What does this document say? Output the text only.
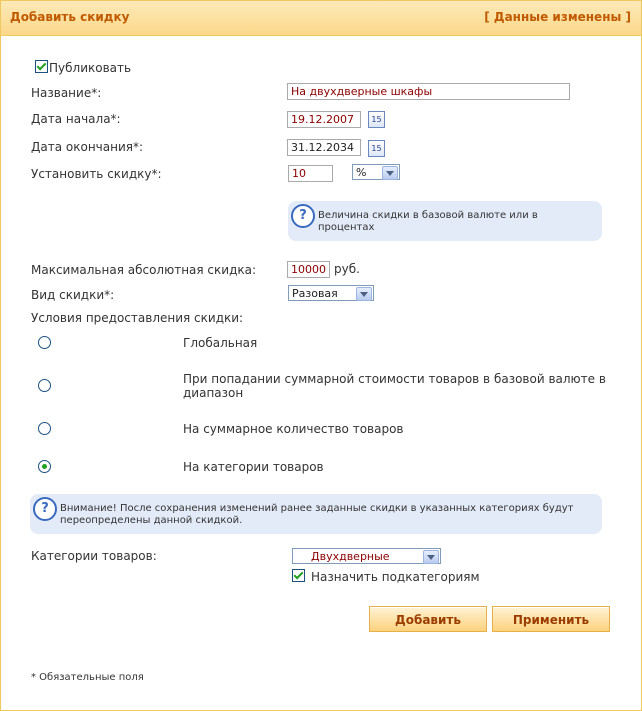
Добавить скидку	[ Данные изменены ]
Публиковать
Название*:	На двухдверные шкафы
Дата начала*:	19.12.2007	15
Дата окончания*:	31.12.2034	15
Установить скидку*:	10	%
?	Величина скидки в базовой валюте или в процентах
Максимальная абсолютная скидка:	10000 руб.
Вид скидки*:	Разовая
Условия предоставления скидки:
Глобальная
При попадании суммарной стоимости товаров в базовой валюте в диапазон
На суммарное количество товаров
На категории товаров
?	Внимание! После сохранения изменений ранее заданные скидки в указанных категориях будут переопределены данной скидкой.
Категории товаров:	Двухдверные
Назначить подкатегориям
Добавить	Применить
* Обязательные поля
